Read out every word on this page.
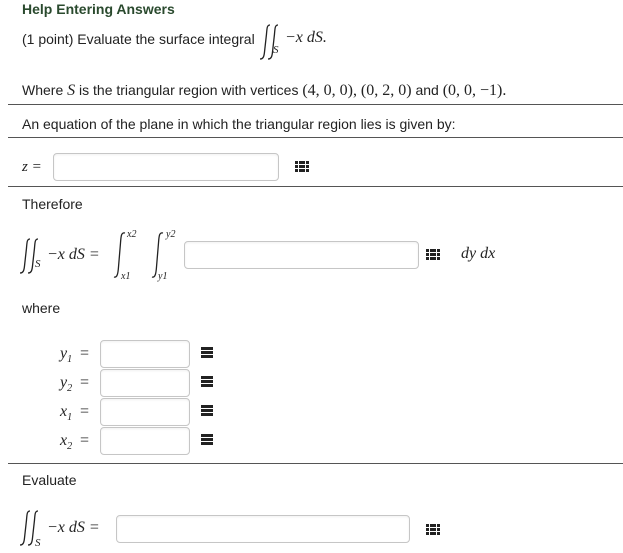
Help Entering Answers
(1 point) Evaluate the surface integral
S
−x dS.
Where S is the triangular region with vertices (4, 0, 0), (0, 2, 0) and (0, 0, −1).
An equation of the plane in which the triangular region lies is given by:
z =
Therefore
S
−x dS =
x2
x1
y2
y1
dy dx
where
$y_1$ =
$y_2$ =
$x_1$ =
$x_2$ =
Evaluate
S
−x dS =
